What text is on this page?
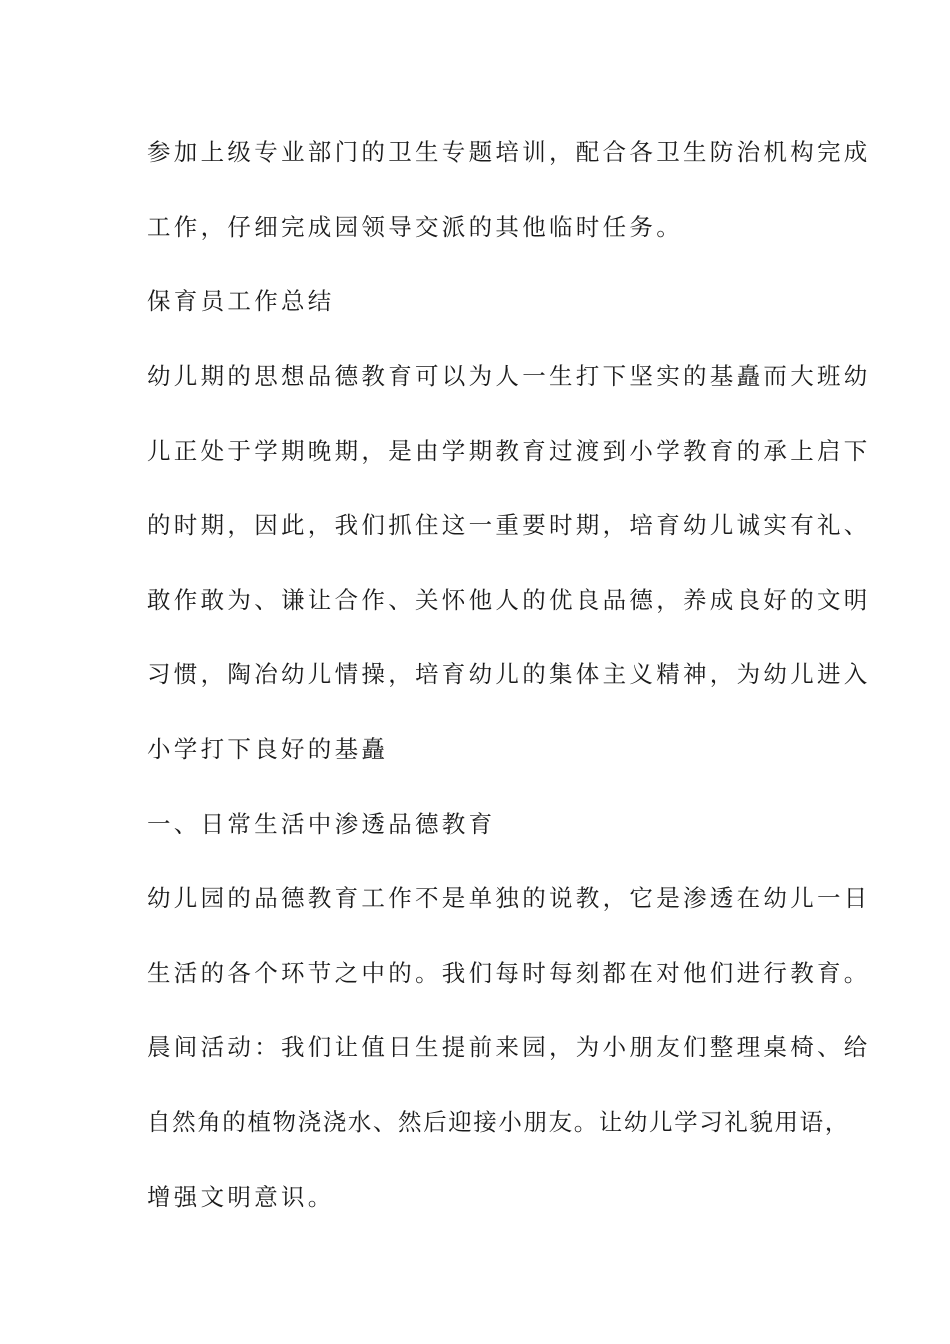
参加上级专业部门的卫生专题培训，配合各卫生防治机构完成
工作，仔细完成园领导交派的其他临时任务。
保育员工作总结
幼儿期的思想品德教育可以为人一生打下坚实的基矗而大班幼
儿正处于学期晚期，是由学期教育过渡到小学教育的承上启下
的时期，因此，我们抓住这一重要时期，培育幼儿诚实有礼、
敢作敢为、谦让合作、关怀他人的优良品德，养成良好的文明
习惯，陶冶幼儿情操，培育幼儿的集体主义精神，为幼儿进入
小学打下良好的基矗
一、日常生活中渗透品德教育
幼儿园的品德教育工作不是单独的说教，它是渗透在幼儿一日
生活的各个环节之中的。我们每时每刻都在对他们进行教育。
晨间活动：我们让值日生提前来园，为小朋友们整理桌椅、给
自然角的植物浇浇水、然后迎接小朋友。让幼儿学习礼貌用语，
增强文明意识。
